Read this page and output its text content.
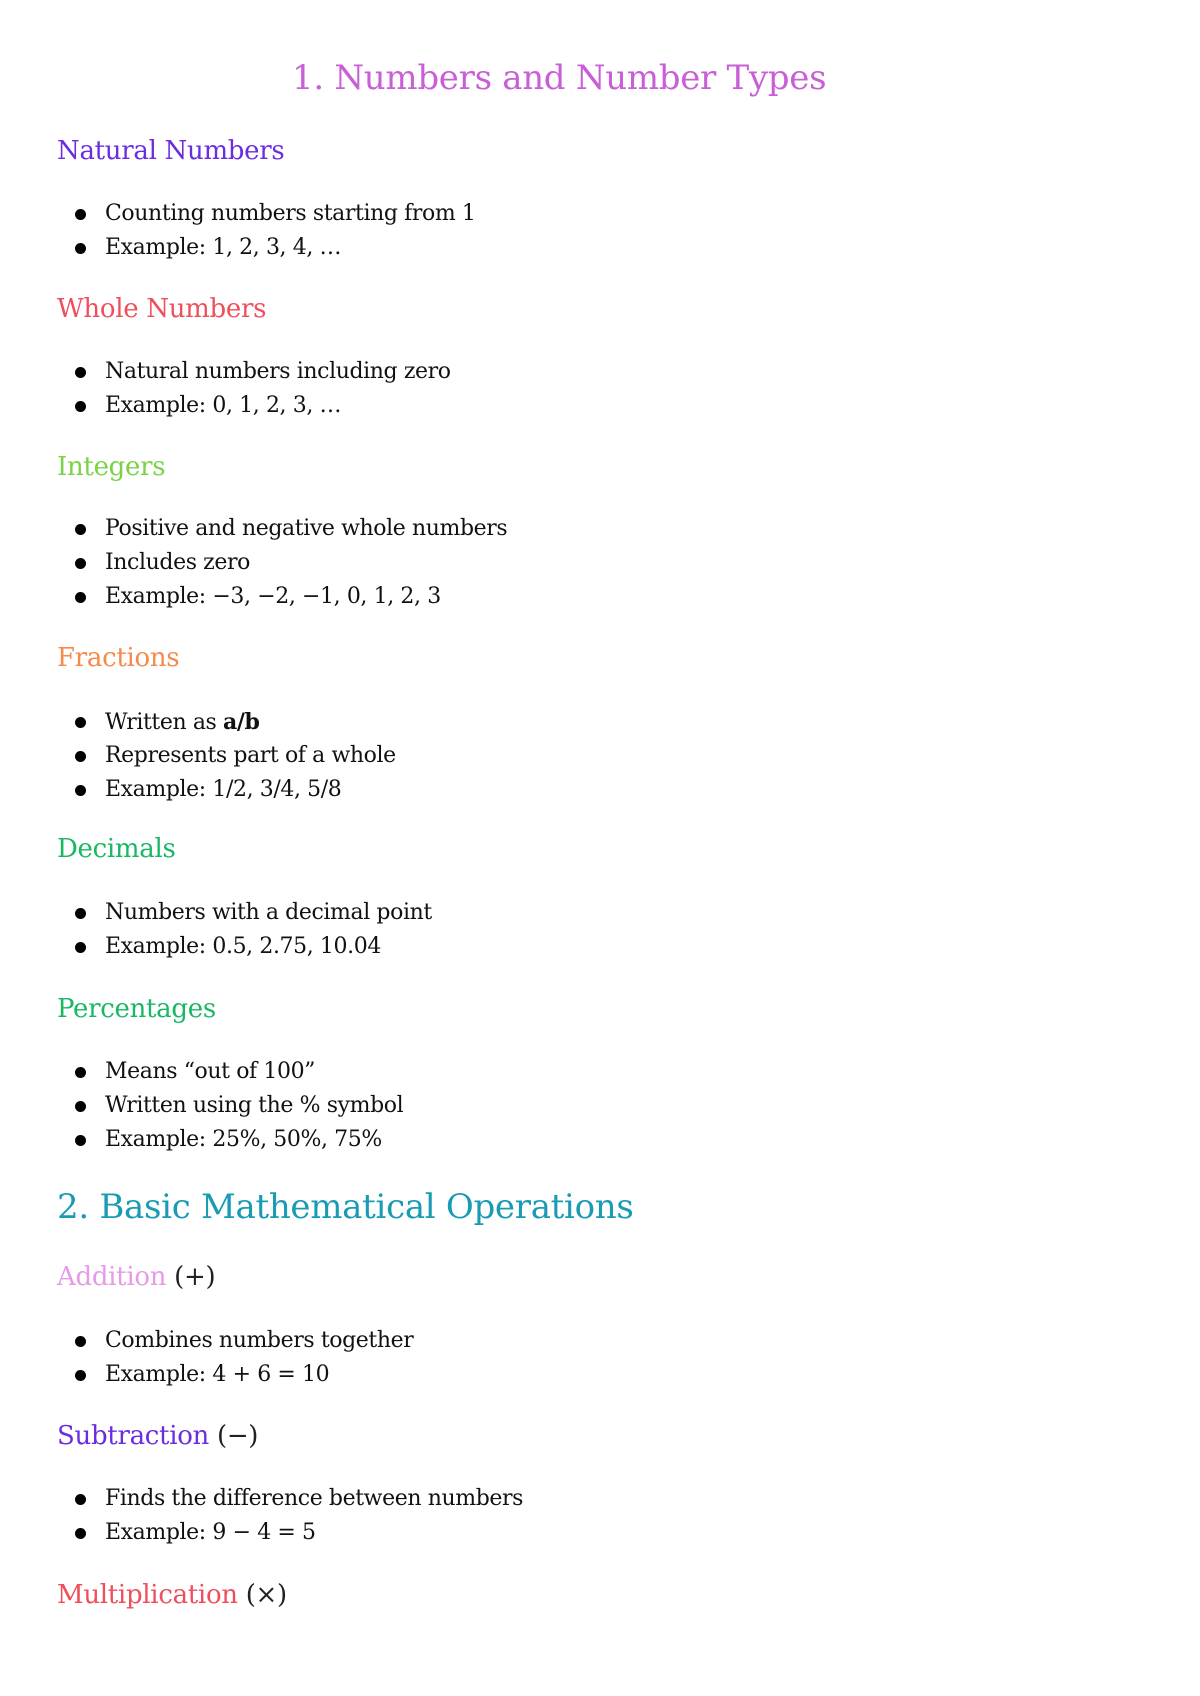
1. Numbers and Number Types
Natural Numbers
Counting numbers starting from 1
Example: 1, 2, 3, 4, …
Whole Numbers
Natural numbers including zero
Example: 0, 1, 2, 3, …
Integers
Positive and negative whole numbers
Includes zero
Example: −3, −2, −1, 0, 1, 2, 3
Fractions
Written as a/b
Represents part of a whole
Example: 1/2, 3/4, 5/8
Decimals
Numbers with a decimal point
Example: 0.5, 2.75, 10.04
Percentages
Means “out of 100”
Written using the % symbol
Example: 25%, 50%, 75%
2. Basic Mathematical Operations
Addition (+)
Combines numbers together
Example: 4 + 6 = 10
Subtraction (−)
Finds the difference between numbers
Example: 9 − 4 = 5
Multiplication (×)
